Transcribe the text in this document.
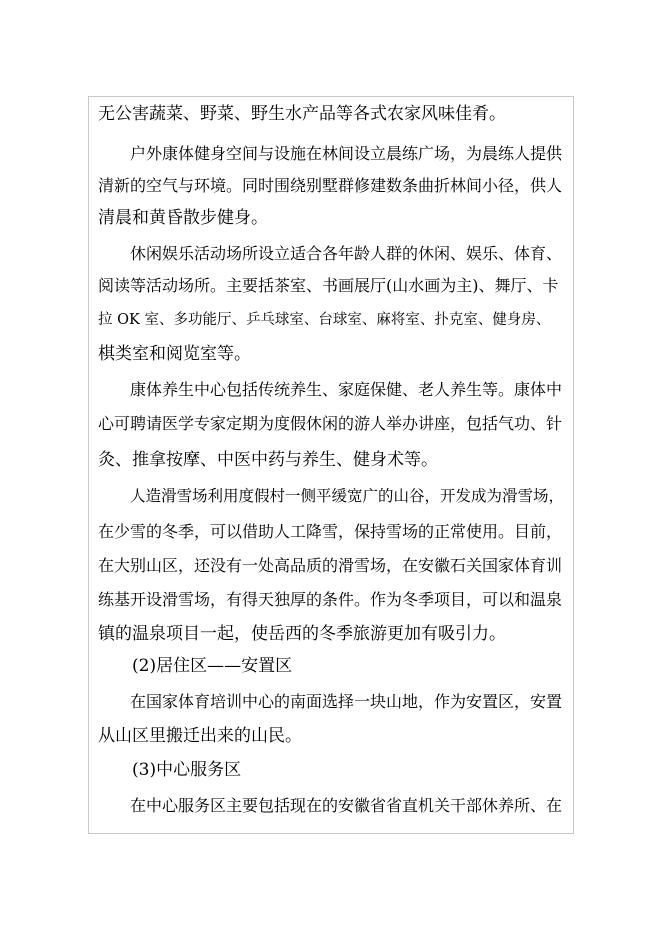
无公害蔬菜、野菜、野生水产品等各式农家风味佳肴。
户外康体健身空间与设施在林间设立晨练广场，为晨练人提供
清新的空气与环境。同时围绕别墅群修建数条曲折林间小径，供人
清晨和黄昏散步健身。
休闲娱乐活动场所设立适合各年龄人群的休闲、娱乐、体育、
阅读等活动场所。主要括茶室、书画展厅(山水画为主)、舞厅、卡
拉 OK 室、多功能厅、乒乓球室、台球室、麻将室、扑克室、健身房、
棋类室和阅览室等。
康体养生中心包括传统养生、家庭保健、老人养生等。康体中
心可聘请医学专家定期为度假休闲的游人举办讲座，包括气功、针
灸、推拿按摩、中医中药与养生、健身术等。
人造滑雪场利用度假村一侧平缓宽广的山谷，开发成为滑雪场，
在少雪的冬季，可以借助人工降雪，保持雪场的正常使用。目前，
在大别山区，还没有一处高品质的滑雪场，在安徽石关国家体育训
练基开设滑雪场，有得天独厚的条件。作为冬季项目，可以和温泉
镇的温泉项目一起，使岳西的冬季旅游更加有吸引力。
(2)居住区——安置区
在国家体育培训中心的南面选择一块山地，作为安置区，安置
从山区里搬迁出来的山民。
(3)中心服务区
在中心服务区主要包括现在的安徽省省直机关干部休养所、在
